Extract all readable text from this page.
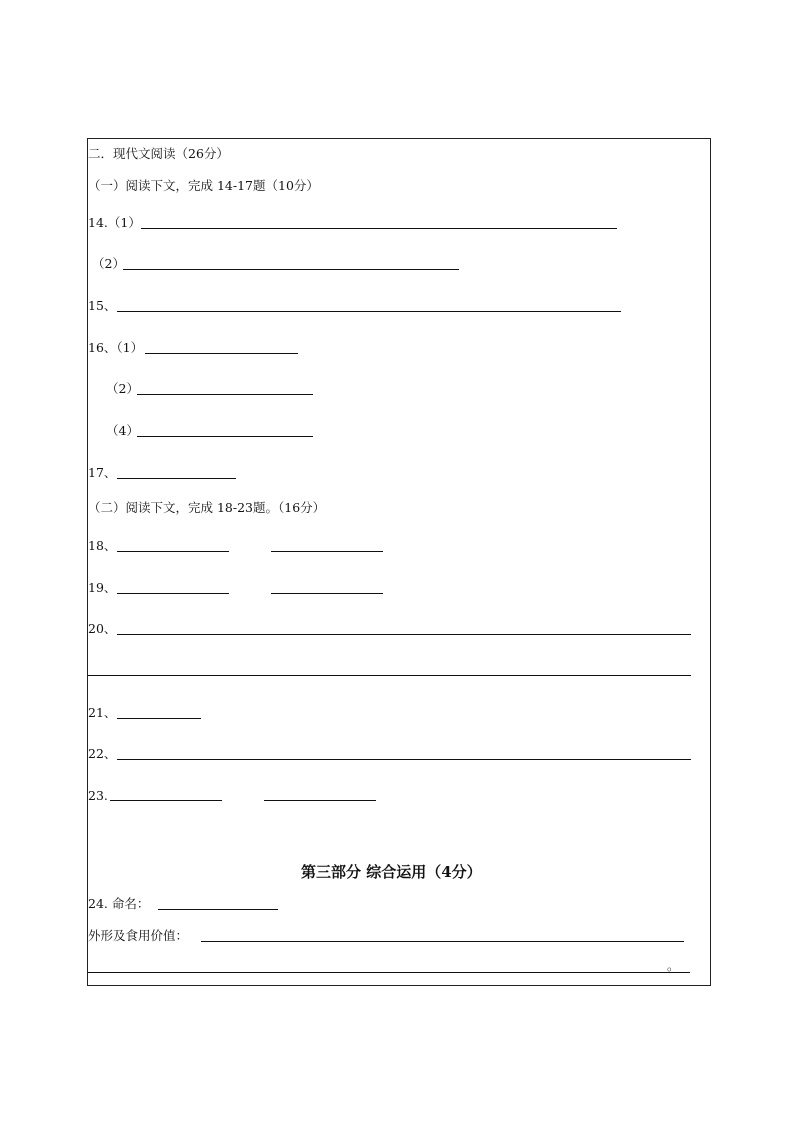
二．现代文阅读（26分）
（一）阅读下文，完成 14-17题（10分）
14.（1）
（2）
15、
16、（1）
（2）
（4）
17、
（二）阅读下文，完成 18-23题。（16分）
18、
19、
20、
21、
22、
23.
第三部分 综合运用（4分）
24. 命名：
外形及食用价值：
。
